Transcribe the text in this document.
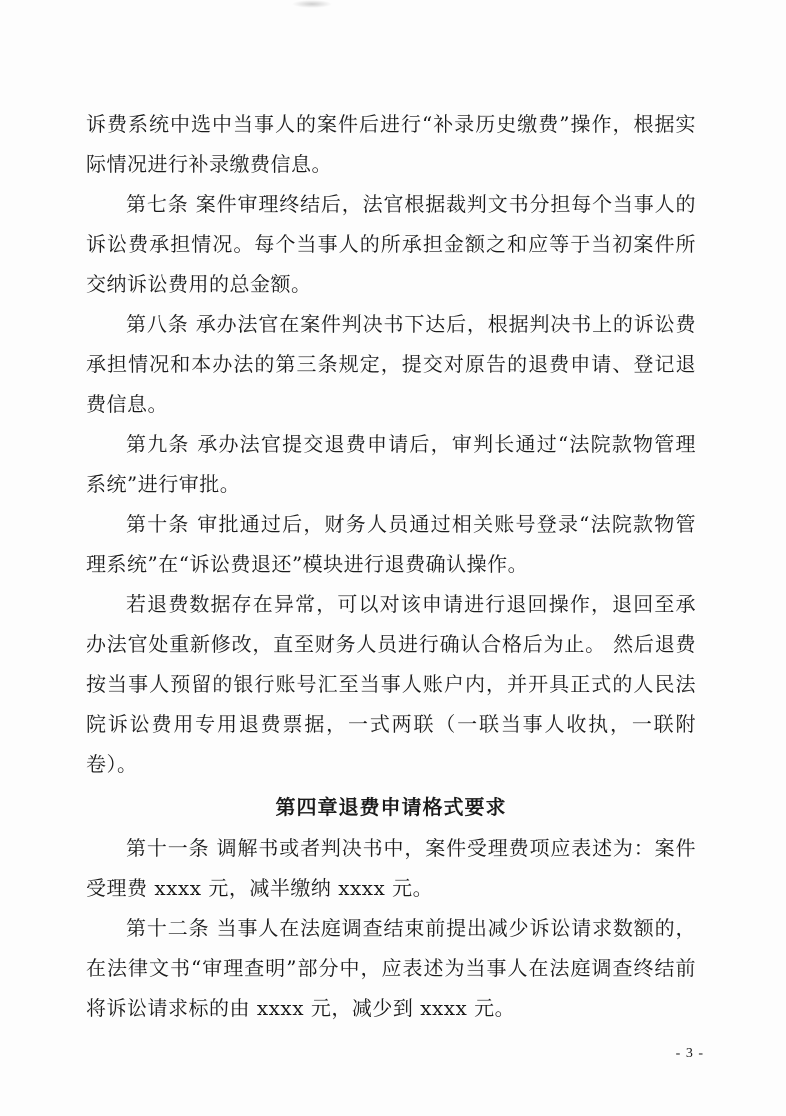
诉费系统中选中当事人的案件后进行“补录历史缴费”操作，根据实际情况进行补录缴费信息。

第七条 案件审理终结后，法官根据裁判文书分担每个当事人的诉讼费承担情况。每个当事人的所承担金额之和应等于当初案件所交纳诉讼费用的总金额。

第八条 承办法官在案件判决书下达后，根据判决书上的诉讼费承担情况和本办法的第三条规定，提交对原告的退费申请、登记退费信息。

第九条 承办法官提交退费申请后，审判长通过“法院款物管理系统”进行审批。

第十条 审批通过后，财务人员通过相关账号登录“法院款物管理系统”在“诉讼费退还”模块进行退费确认操作。

若退费数据存在异常，可以对该申请进行退回操作，退回至承办法官处重新修改，直至财务人员进行确认合格后为止。 然后退费按当事人预留的银行账号汇至当事人账户内，并开具正式的人民法院诉讼费用专用退费票据，一式两联（一联当事人收执，一联附卷）。

第四章退费申请格式要求

第十一条 调解书或者判决书中，案件受理费项应表述为：案件受理费 xxxx 元，减半缴纳 xxxx 元。

第十二条 当事人在法庭调查结束前提出减少诉讼请求数额的，在法律文书“审理查明”部分中，应表述为当事人在法庭调查终结前将诉讼请求标的由 xxxx 元，减少到 xxxx 元。

- 3 -
